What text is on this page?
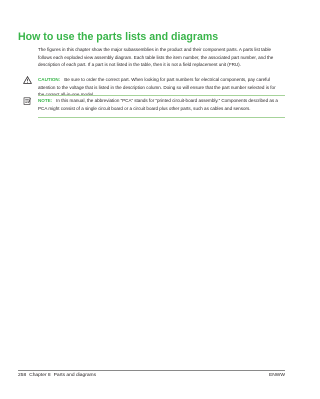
How to use the parts lists and diagrams

The figures in this chapter show the major subassemblies in the product and their component parts. A parts list table follows each exploded view assembly diagram. Each table lists the item number, the associated part number, and the description of each part. If a part is not listed in the table, then it is not a field replacement unit (FRU).

CAUTION: Be sure to order the correct part. When looking for part numbers for electrical components, pay careful attention to the voltage that is listed in the description column. Doing so will ensure that the part number selected is for the correct all-in-one model.

NOTE: In this manual, the abbreviation “PCA” stands for “printed circuit-board assembly.” Components described as a PCA might consist of a single circuit board or a circuit board plus other parts, such as cables and sensors.

258 Chapter 8 Parts and diagrams	ENWW
